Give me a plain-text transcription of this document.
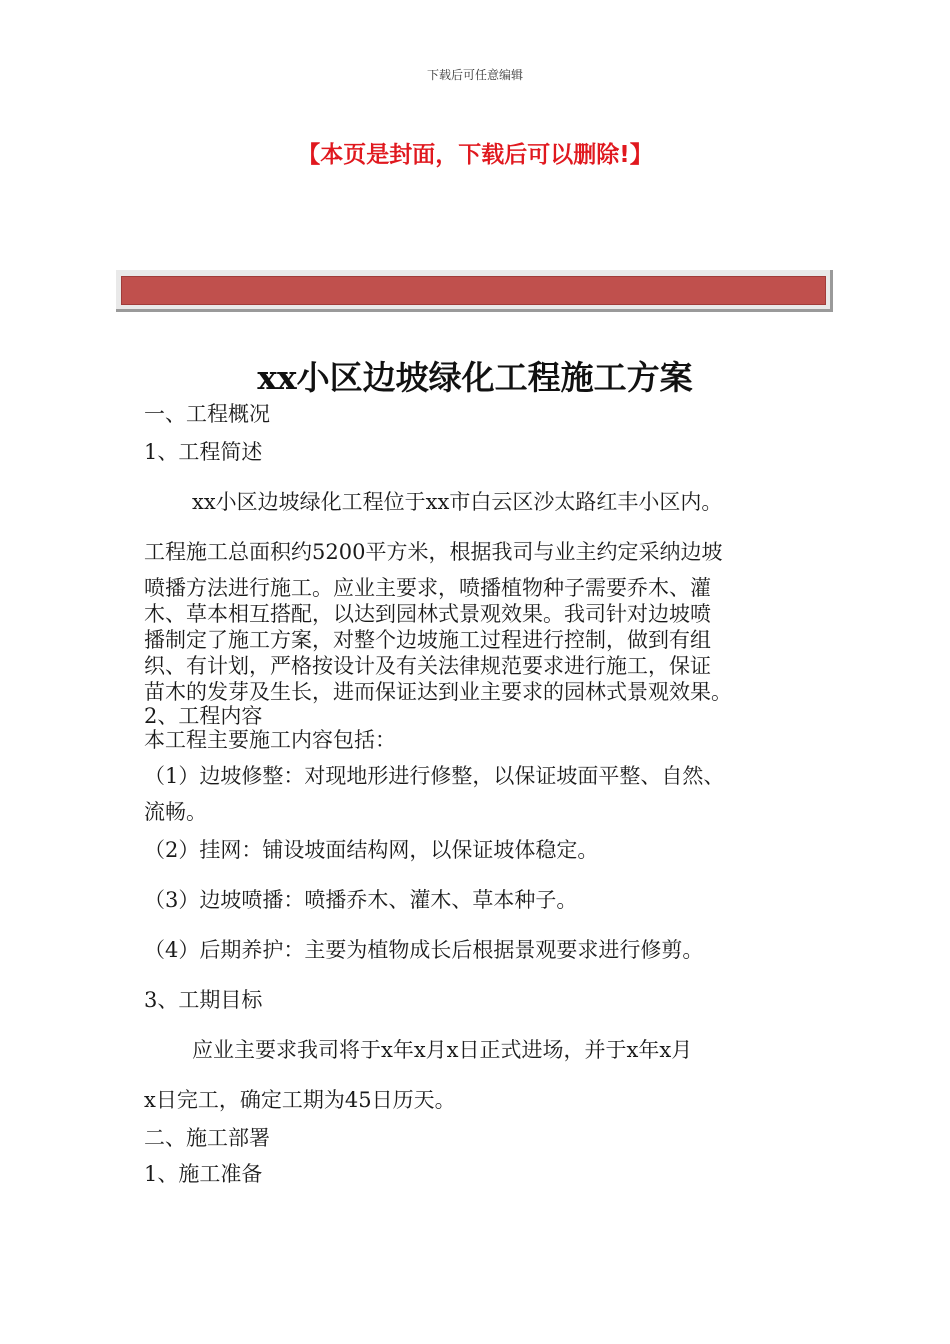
下载后可任意编辑
【本页是封面，下载后可以删除!】
xx小区边坡绿化工程施工方案
一、工程概况
1、工程简述
xx小区边坡绿化工程位于xx市白云区沙太路红丰小区内。
工程施工总面积约5200平方米，根据我司与业主约定采纳边坡
喷播方法进行施工。应业主要求，喷播植物种子需要乔木、灌
木、草本相互搭配，以达到园林式景观效果。我司针对边坡喷
播制定了施工方案，对整个边坡施工过程进行控制，做到有组
织、有计划，严格按设计及有关法律规范要求进行施工，保证
苗木的发芽及生长，进而保证达到业主要求的园林式景观效果。
2、工程内容
本工程主要施工内容包括：
（1）边坡修整：对现地形进行修整，以保证坡面平整、自然、
流畅。
（2）挂网：铺设坡面结构网，以保证坡体稳定。
（3）边坡喷播：喷播乔木、灌木、草本种子。
（4）后期养护：主要为植物成长后根据景观要求进行修剪。
3、工期目标
应业主要求我司将于x年x月x日正式进场，并于x年x月
x日完工，确定工期为45日历天。
二、施工部署
1、施工准备
